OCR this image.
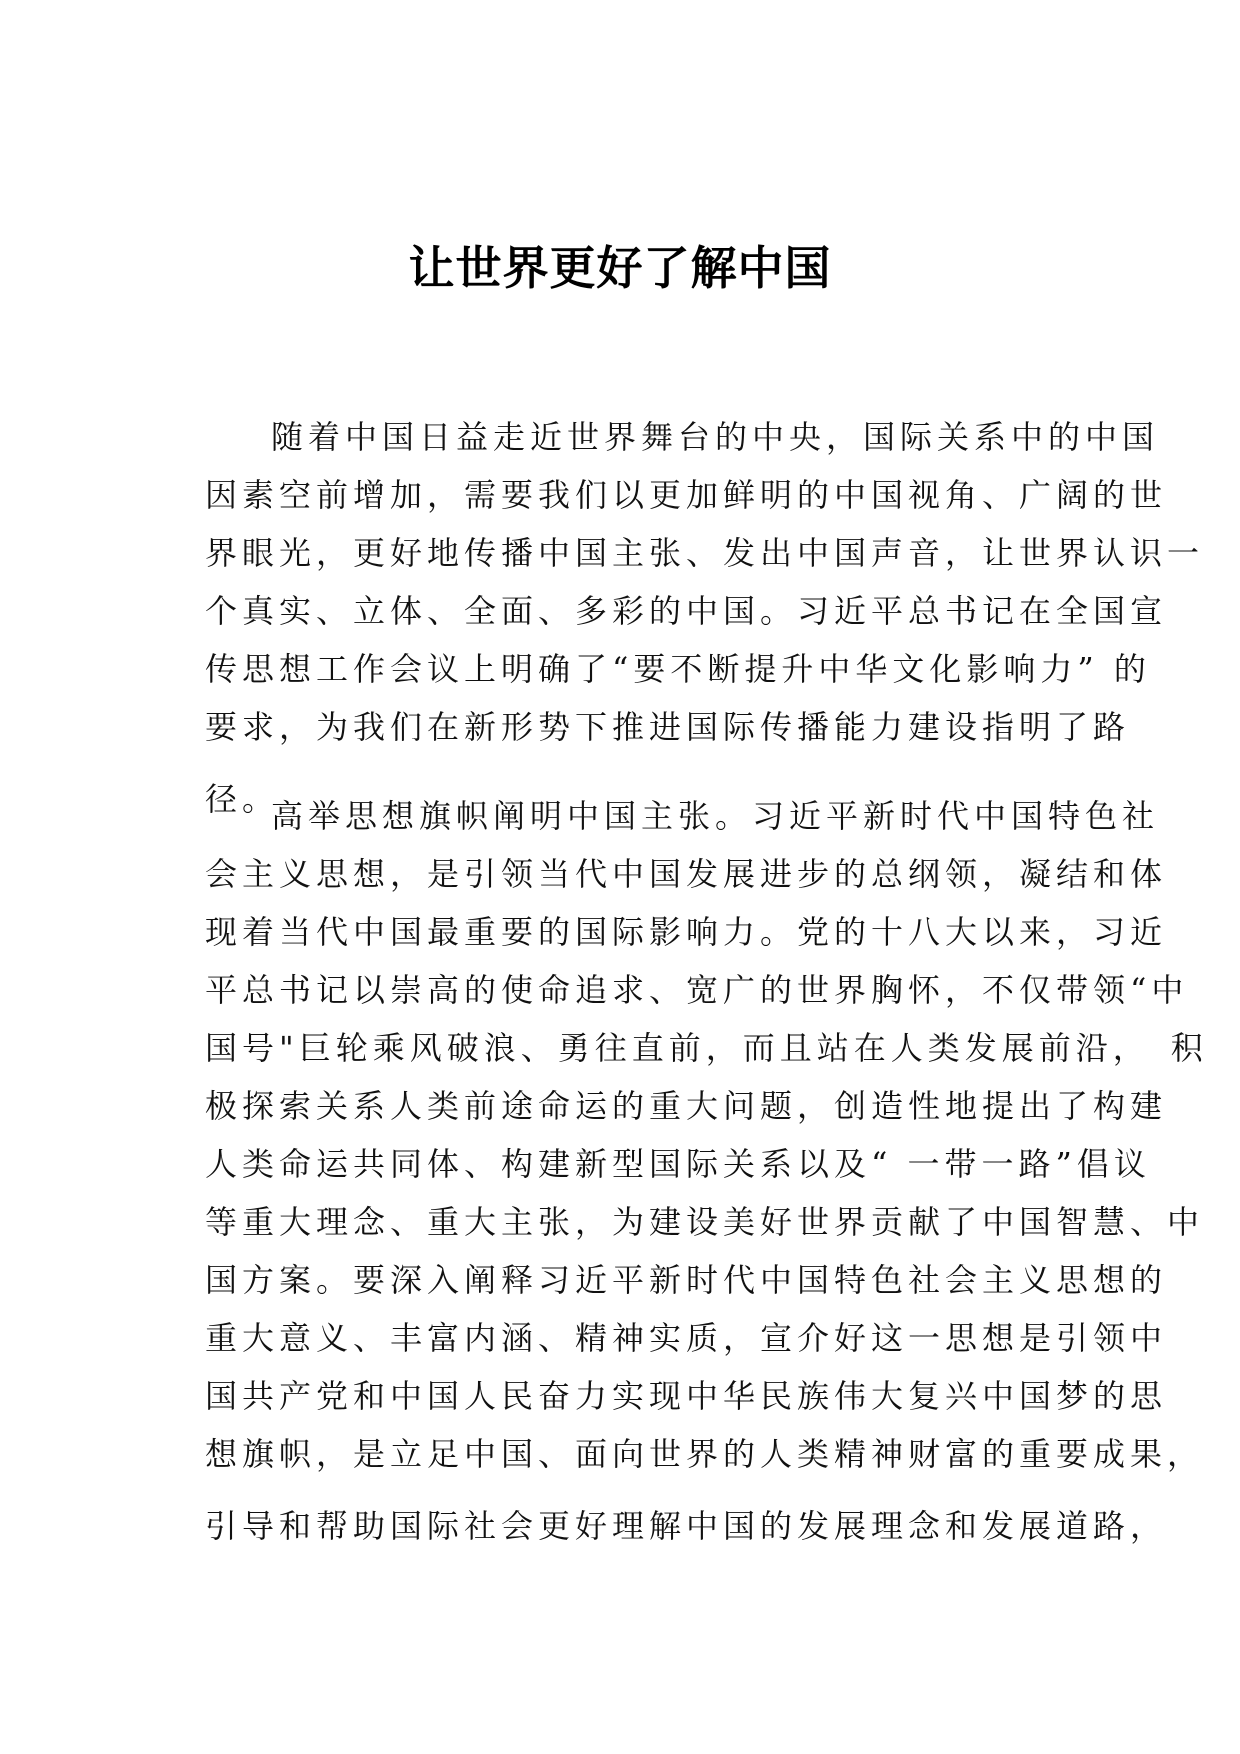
让世界更好了解中国
随着中国日益走近世界舞台的中央，国际关系中的中国
因素空前增加，需要我们以更加鲜明的中国视角、广阔的世
界眼光，更好地传播中国主张、发出中国声音，让世界认识一
个真实、立体、全面、多彩的中国。习近平总书记在全国宣
传思想工作会议上明确了“要不断提升中华文化影响力” 的
要求，为我们在新形势下推进国际传播能力建设指明了路
径。
高举思想旗帜阐明中国主张。习近平新时代中国特色社
会主义思想，是引领当代中国发展进步的总纲领，凝结和体
现着当代中国最重要的国际影响力。党的十八大以来，习近
平总书记以崇高的使命追求、宽广的世界胸怀，不仅带领“中
国号"巨轮乘风破浪、勇往直前，而且站在人类发展前沿，　积
极探索关系人类前途命运的重大问题，创造性地提出了构建
人类命运共同体、构建新型国际关系以及“ 一带一路”倡议
等重大理念、重大主张，为建设美好世界贡献了中国智慧、中
国方案。要深入阐释习近平新时代中国特色社会主义思想的
重大意义、丰富内涵、精神实质，宣介好这一思想是引领中
国共产党和中国人民奋力实现中华民族伟大复兴中国梦的思
想旗帜，是立足中国、面向世界的人类精神财富的重要成果，
引导和帮助国际社会更好理解中国的发展理念和发展道路，
